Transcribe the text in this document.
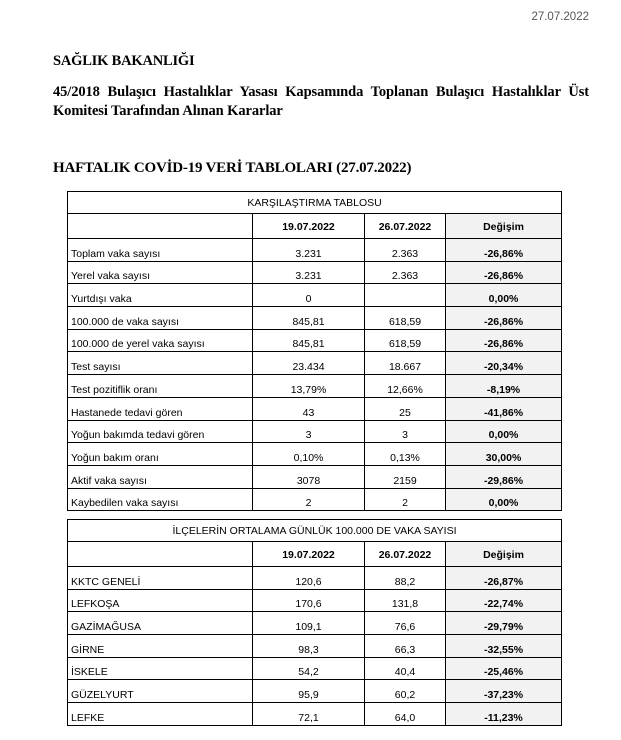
27.07.2022
SAĞLIK BAKANLIĞI
45/2018 Bulaşıcı Hastalıklar Yasası Kapsamında Toplanan Bulaşıcı Hastalıklar Üst Komitesi Tarafından Alınan Kararlar
HAFTALIK COVİD-19 VERİ TABLOLARI (27.07.2022)
KARŞILAŞTIRMA TABLOSU			
	19.07.2022	26.07.2022	Değişim
Toplam vaka sayısı	3.231	2.363	-26,86%
Yerel vaka sayısı	3.231	2.363	-26,86%
Yurtdışı vaka	0		0,00%
100.000 de vaka sayısı	845,81	618,59	-26,86%
100.000 de yerel vaka sayısı	845,81	618,59	-26,86%
Test sayısı	23.434	18.667	-20,34%
Test pozitiflik oranı	13,79%	12,66%	-8,19%
Hastanede tedavi gören	43	25	-41,86%
Yoğun bakımda tedavi gören	3	3	0,00%
Yoğun bakım oranı	0,10%	0,13%	30,00%
Aktif vaka sayısı	3078	2159	-29,86%
Kaybedilen vaka sayısı	2	2	0,00%
İLÇELERİN ORTALAMA GÜNLÜK 100.000 DE VAKA SAYISI			
	19.07.2022	26.07.2022	Değişim
KKTC GENELİ	120,6	88,2	-26,87%
LEFKOŞA	170,6	131,8	-22,74%
GAZİMAĞUSA	109,1	76,6	-29,79%
GİRNE	98,3	66,3	-32,55%
İSKELE	54,2	40,4	-25,46%
GÜZELYURT	95,9	60,2	-37,23%
LEFKE	72,1	64,0	-11,23%
